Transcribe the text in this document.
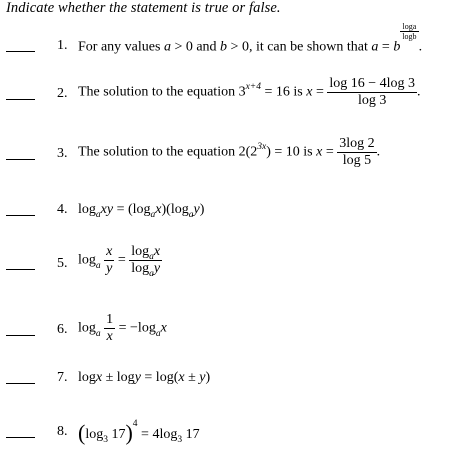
Indicate whether the statement is true or false.
1. For any values a > 0 and b > 0, it can be shown that a = b
$\frac{\log a}{\log b}$
.
2. The solution to the equation $3^{x+4} = 16$ is $x = \frac{\log 16 - 4\log 3}{\log 3}$ .
3. The solution to the equation $2(2^{3x}) = 10$ is $x = \frac{3\log 2}{\log 5}$ .
4. $\log_axy = (\log_ax)(\log_ay)$
5. $\log_a \frac{x}{y} = \frac{\log_ax}{\log_ay}$
6. $\log_a \frac{1}{x} = -\log_ax$
7. logx ± logy = log(x ± y)
8. ($\log_3$ $17)^4 = 4\log_3$ 17
